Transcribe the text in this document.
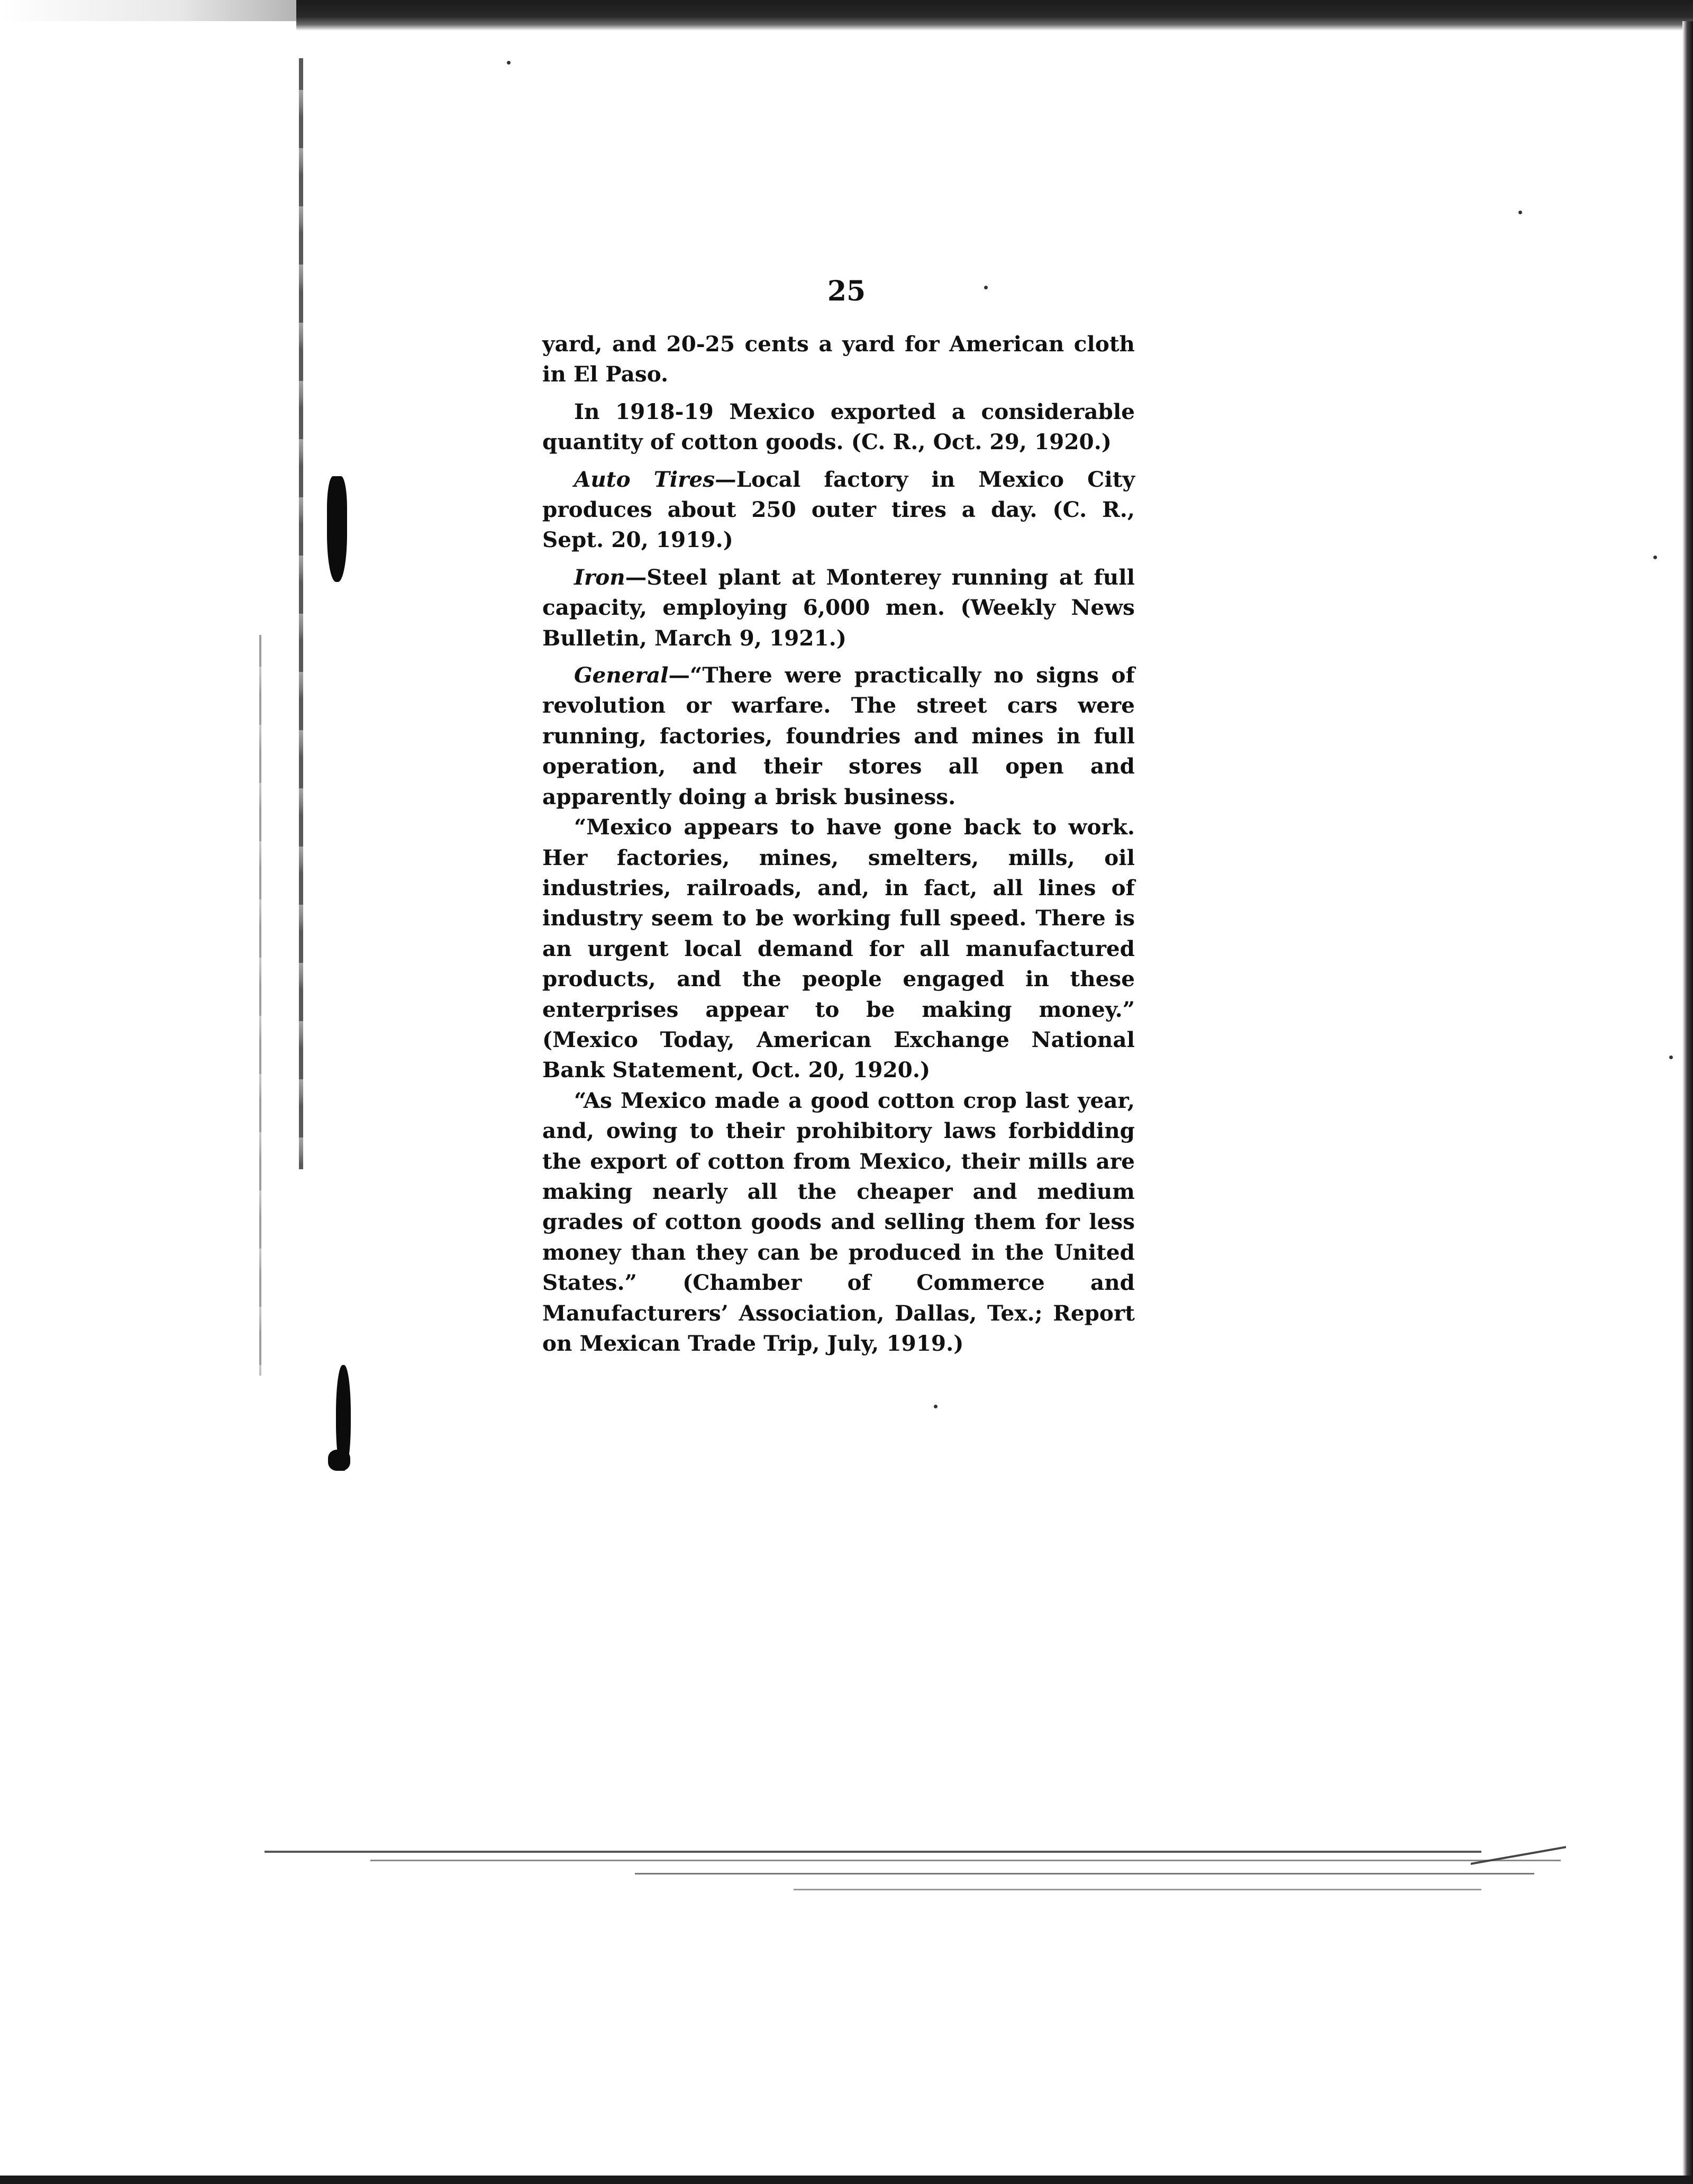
25

yard, and 20-25 cents a yard for American cloth in El Paso.

In 1918-19 Mexico exported a considerable quantity of cotton goods. (C. R., Oct. 29, 1920.)

Auto Tires—Local factory in Mexico City produces about 250 outer tires a day. (C. R., Sept. 20, 1919.)

Iron—Steel plant at Monterey running at full capacity, employing 6,000 men. (Weekly News Bulletin, March 9, 1921.)

General—“There were practically no signs of revolution or warfare. The street cars were running, factories, foundries and mines in full operation, and their stores all open and apparently doing a brisk business.

“Mexico appears to have gone back to work. Her factories, mines, smelters, mills, oil industries, railroads, and, in fact, all lines of industry seem to be working full speed. There is an urgent local demand for all manufactured products, and the people engaged in these enterprises appear to be making money.” (Mexico Today, American Exchange National Bank Statement, Oct. 20, 1920.)

“As Mexico made a good cotton crop last year, and, owing to their prohibitory laws forbidding the export of cotton from Mexico, their mills are making nearly all the cheaper and medium grades of cotton goods and selling them for less money than they can be produced in the United States.” (Chamber of Commerce and Manufacturers’ Association, Dallas, Tex.; Report on Mexican Trade Trip, July, 1919.)
